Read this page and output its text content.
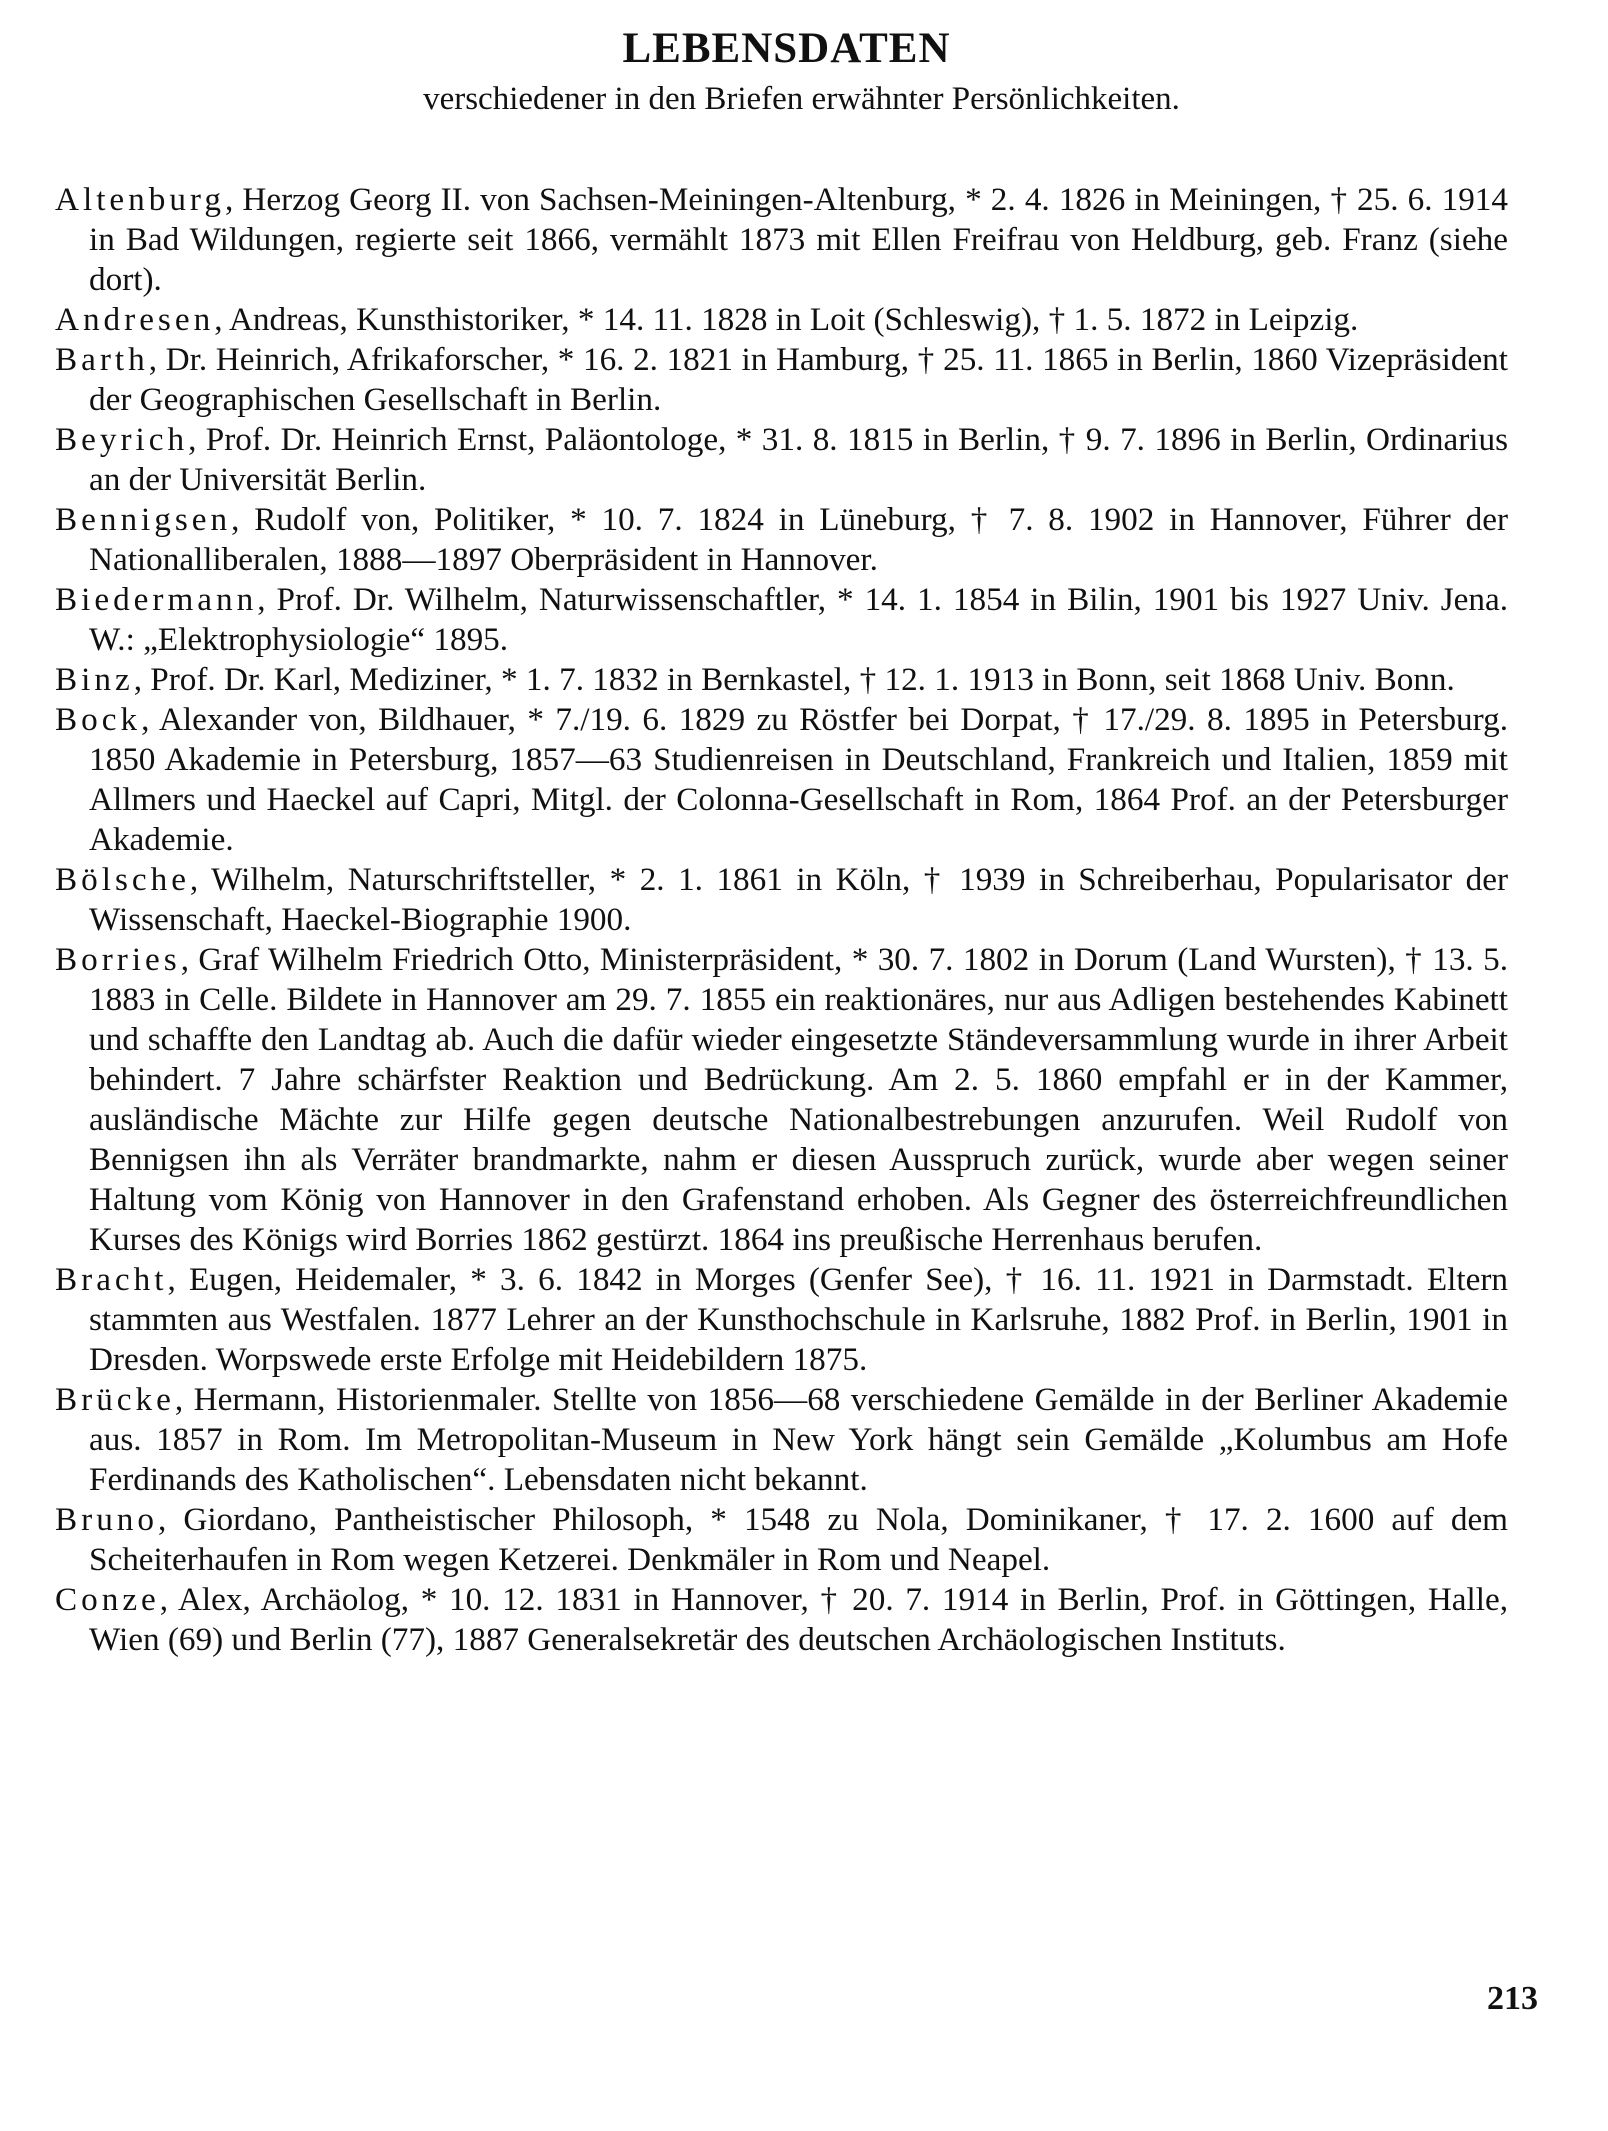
LEBENSDATEN
verschiedener in den Briefen erwähnter Persönlichkeiten.

Altenburg, Herzog Georg II. von Sachsen-Meiningen-Altenburg, * 2. 4. 1826 in Meiningen, † 25. 6. 1914 in Bad Wildungen, regierte seit 1866, vermählt 1873 mit Ellen Freifrau von Heldburg, geb. Franz (siehe dort).

Andresen, Andreas, Kunsthistoriker, * 14. 11. 1828 in Loit (Schleswig), † 1. 5. 1872 in Leipzig.

Barth, Dr. Heinrich, Afrikaforscher, * 16. 2. 1821 in Hamburg, † 25. 11. 1865 in Berlin, 1860 Vizepräsident der Geographischen Gesellschaft in Berlin.

Beyrich, Prof. Dr. Heinrich Ernst, Paläontologe, * 31. 8. 1815 in Berlin, † 9. 7. 1896 in Berlin, Ordinarius an der Universität Berlin.

Bennigsen, Rudolf von, Politiker, * 10. 7. 1824 in Lüneburg, † 7. 8. 1902 in Hannover, Führer der Nationalliberalen, 1888—1897 Oberpräsident in Hannover.

Biedermann, Prof. Dr. Wilhelm, Naturwissenschaftler, * 14. 1. 1854 in Bilin, 1901 bis 1927 Univ. Jena. W.: „Elektrophysiologie“ 1895.

Binz, Prof. Dr. Karl, Mediziner, * 1. 7. 1832 in Bernkastel, † 12. 1. 1913 in Bonn, seit 1868 Univ. Bonn.

Bock, Alexander von, Bildhauer, * 7./19. 6. 1829 zu Röstfer bei Dorpat, † 17./29. 8. 1895 in Petersburg. 1850 Akademie in Petersburg, 1857—63 Studienreisen in Deutschland, Frankreich und Italien, 1859 mit Allmers und Haeckel auf Capri, Mitgl. der Colonna-Gesellschaft in Rom, 1864 Prof. an der Petersburger Akademie.

Bölsche, Wilhelm, Naturschriftsteller, * 2. 1. 1861 in Köln, † 1939 in Schreiberhau, Popularisator der Wissenschaft, Haeckel-Biographie 1900.

Borries, Graf Wilhelm Friedrich Otto, Ministerpräsident, * 30. 7. 1802 in Dorum (Land Wursten), † 13. 5. 1883 in Celle. Bildete in Hannover am 29. 7. 1855 ein reaktionäres, nur aus Adligen bestehendes Kabinett und schaffte den Landtag ab. Auch die dafür wieder eingesetzte Ständeversammlung wurde in ihrer Arbeit behindert. 7 Jahre schärfster Reaktion und Bedrückung. Am 2. 5. 1860 empfahl er in der Kammer, ausländische Mächte zur Hilfe gegen deutsche Nationalbestrebungen anzurufen. Weil Rudolf von Bennigsen ihn als Verräter brandmarkte, nahm er diesen Ausspruch zurück, wurde aber wegen seiner Haltung vom König von Hannover in den Grafenstand erhoben. Als Gegner des österreichfreundlichen Kurses des Königs wird Borries 1862 gestürzt. 1864 ins preußische Herrenhaus berufen.

Bracht, Eugen, Heidemaler, * 3. 6. 1842 in Morges (Genfer See), † 16. 11. 1921 in Darmstadt. Eltern stammten aus Westfalen. 1877 Lehrer an der Kunsthochschule in Karlsruhe, 1882 Prof. in Berlin, 1901 in Dresden. Worpswede erste Erfolge mit Heidebildern 1875.

Brücke, Hermann, Historienmaler. Stellte von 1856—68 verschiedene Gemälde in der Berliner Akademie aus. 1857 in Rom. Im Metropolitan-Museum in New York hängt sein Gemälde „Kolumbus am Hofe Ferdinands des Katholischen“. Lebensdaten nicht bekannt.

Bruno, Giordano, Pantheistischer Philosoph, * 1548 zu Nola, Dominikaner, † 17. 2. 1600 auf dem Scheiterhaufen in Rom wegen Ketzerei. Denkmäler in Rom und Neapel.

Conze, Alex, Archäolog, * 10. 12. 1831 in Hannover, † 20. 7. 1914 in Berlin, Prof. in Göttingen, Halle, Wien (69) und Berlin (77), 1887 Generalsekretär des deutschen Archäologischen Instituts.

213
